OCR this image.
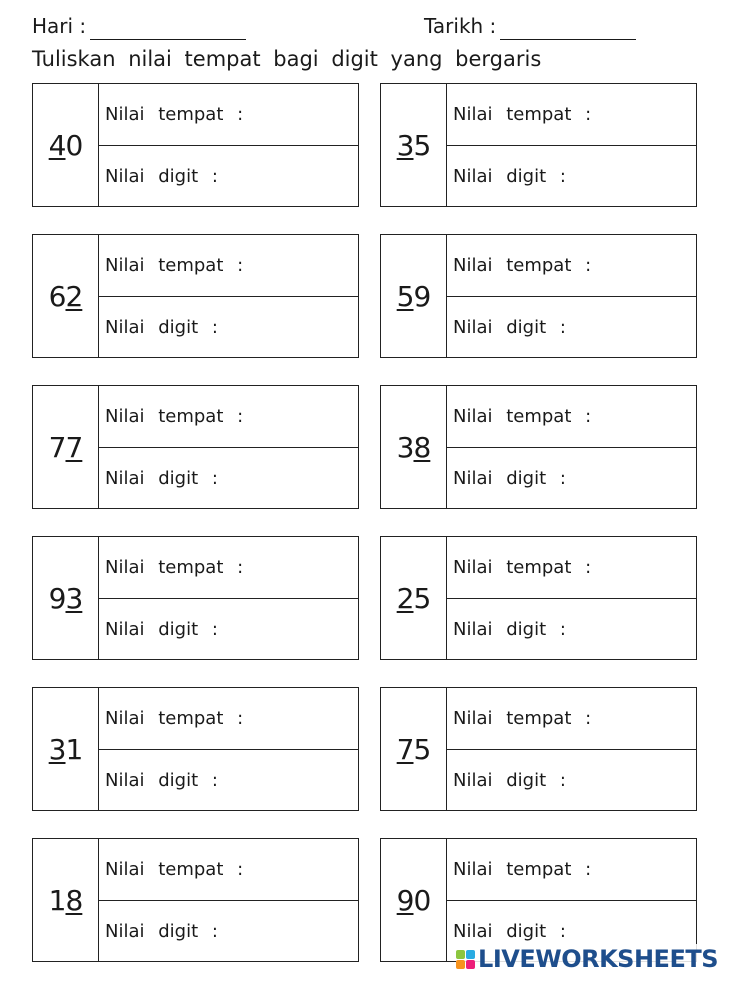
Hari :	Tarikh :
Tuliskan nilai tempat bagi digit yang bergaris
40
Nilai tempat :
Nilai digit :
35
Nilai tempat :
Nilai digit :
62
Nilai tempat :
Nilai digit :
59
Nilai tempat :
Nilai digit :
77
Nilai tempat :
Nilai digit :
38
Nilai tempat :
Nilai digit :
93
Nilai tempat :
Nilai digit :
25
Nilai tempat :
Nilai digit :
31
Nilai tempat :
Nilai digit :
75
Nilai tempat :
Nilai digit :
18
Nilai tempat :
Nilai digit :
90
Nilai tempat :
Nilai digit :
LIVEWORKSHEETS
